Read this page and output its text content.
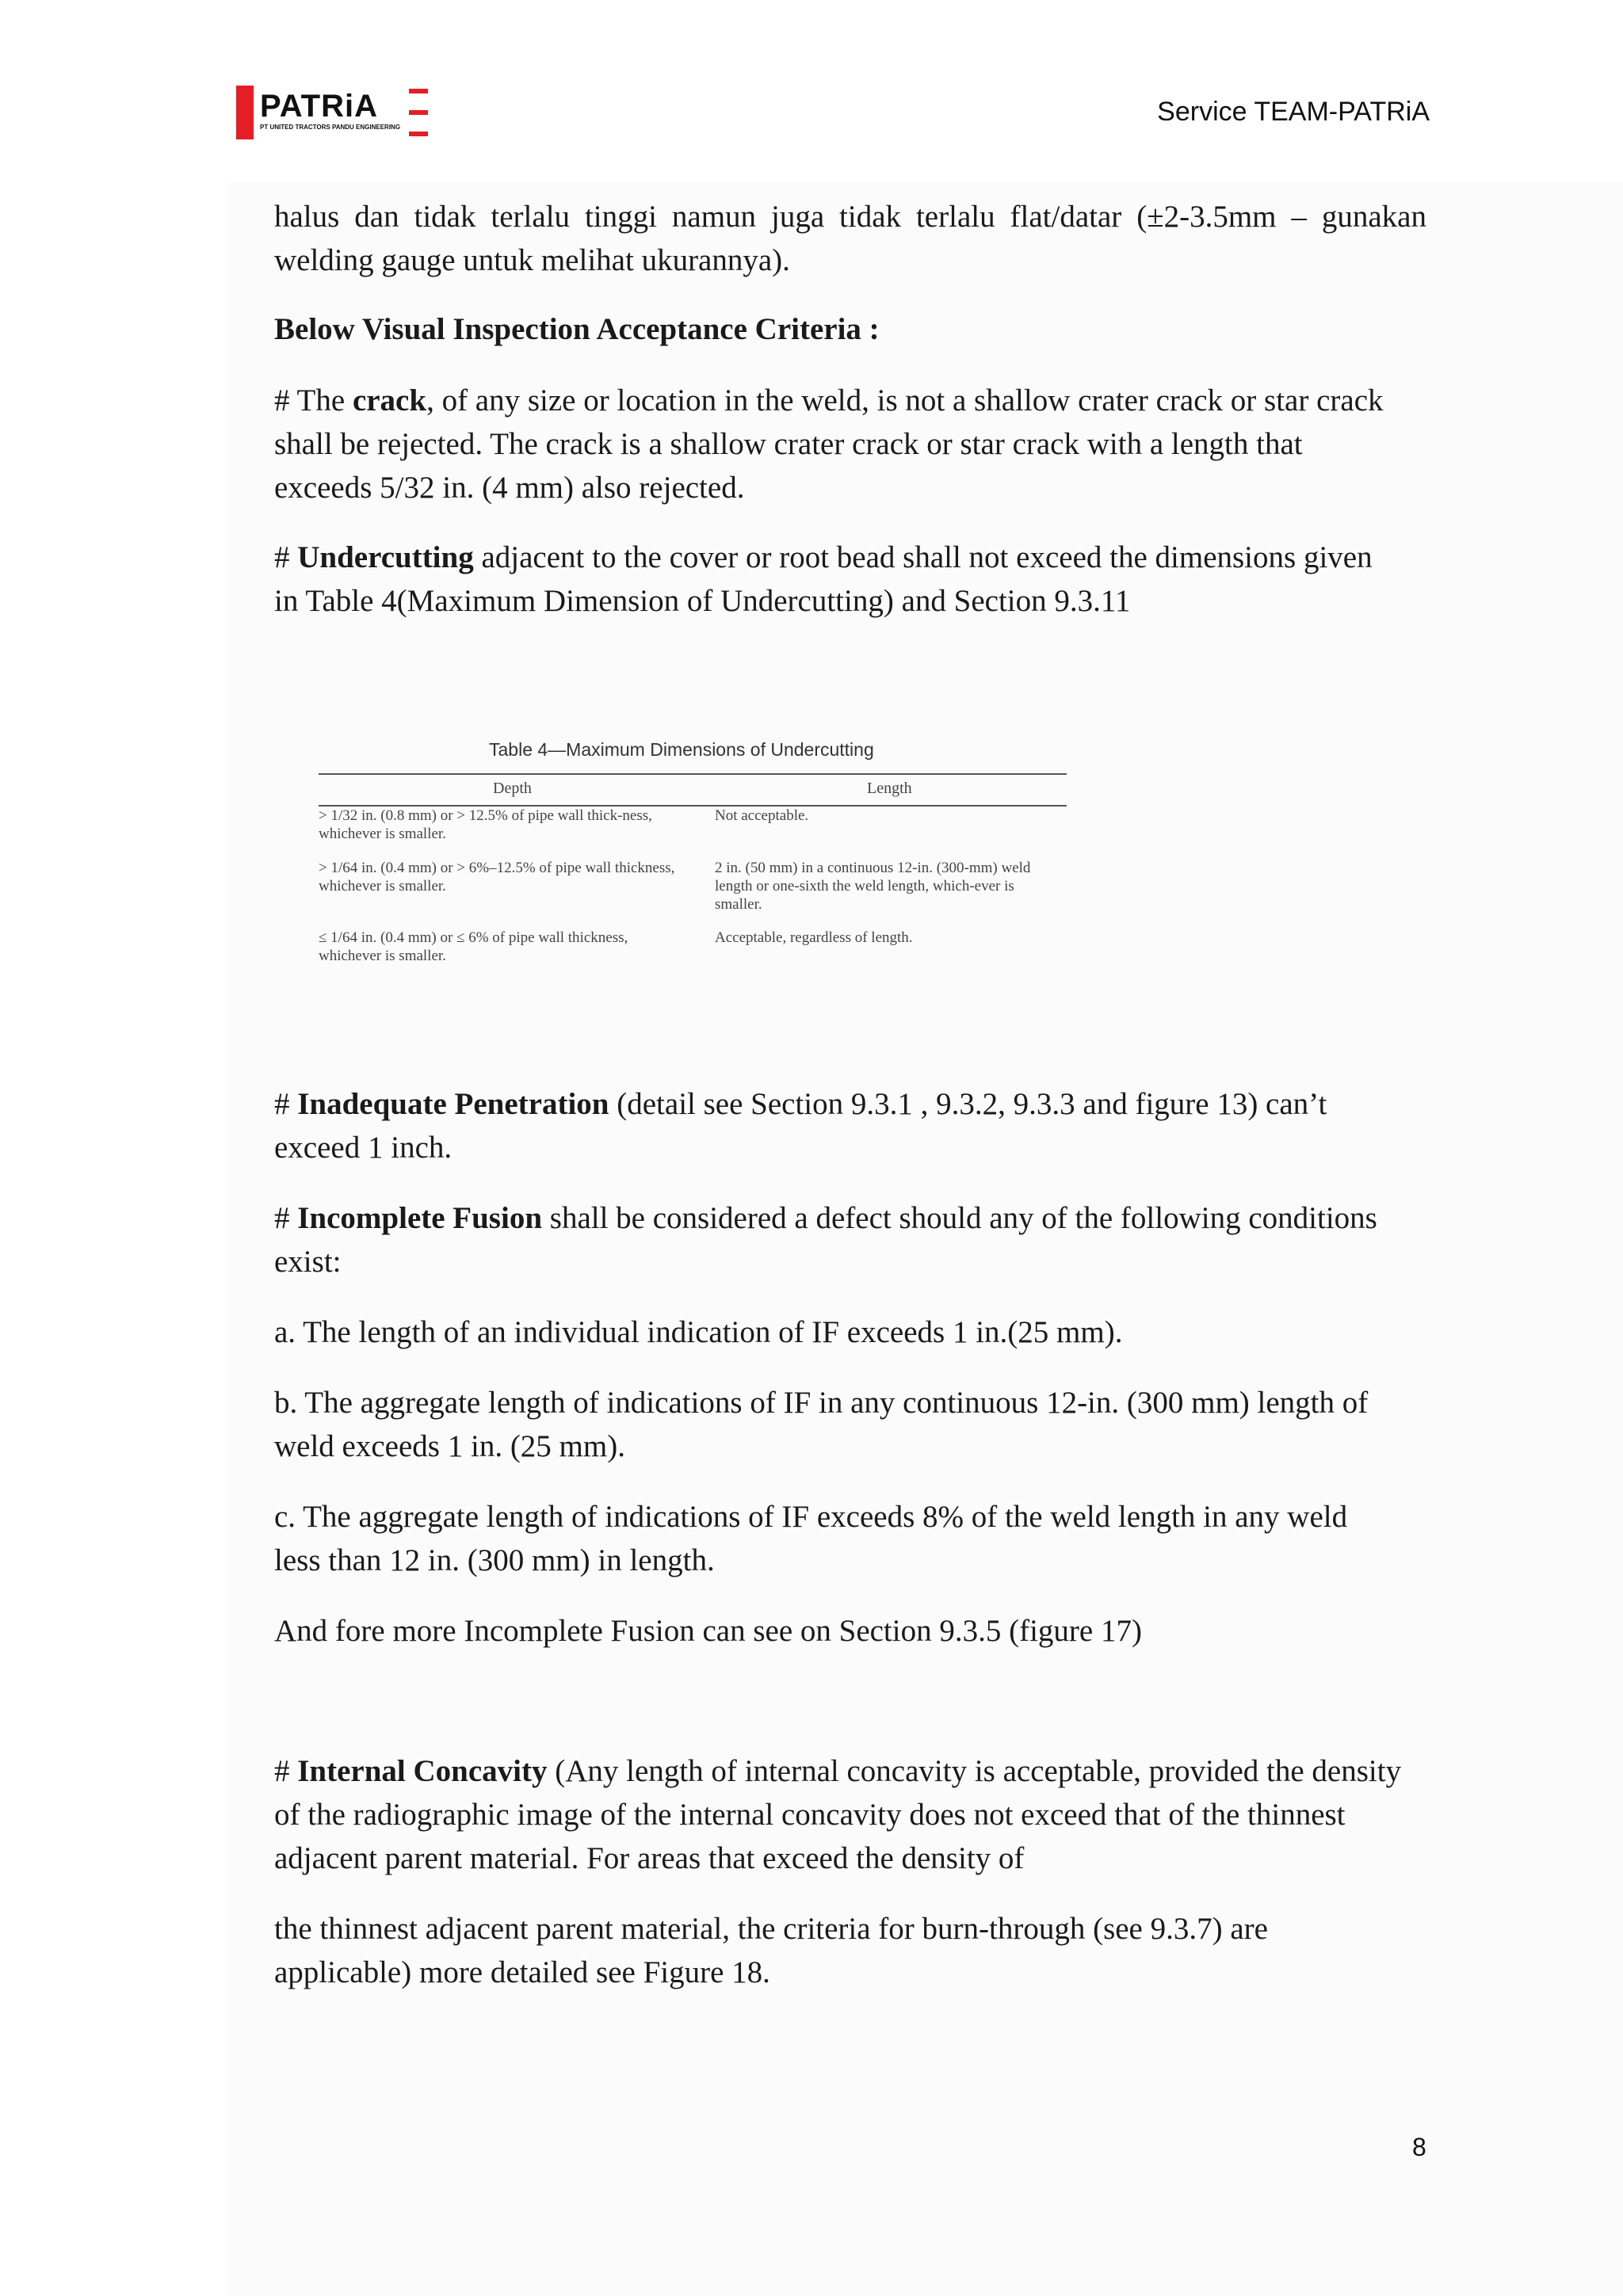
PATRiA
PT UNITED TRACTORS PANDU ENGINEERING
Service TEAM-PATRiA

halus dan tidak terlalu tinggi namun juga tidak terlalu flat/datar (±2-3.5mm – gunakan welding gauge untuk melihat ukurannya).

Below Visual Inspection Acceptance Criteria :

# The crack, of any size or location in the weld, is not a shallow crater crack or star crack shall be rejected. The crack is a shallow crater crack or star crack with a length that exceeds 5/32 in. (4 mm) also rejected.

# Undercutting adjacent to the cover or root bead shall not exceed the dimensions given in Table 4(Maximum Dimension of Undercutting) and Section 9.3.11

Table 4—Maximum Dimensions of Undercutting
Depth	Length
> 1/32 in. (0.8 mm) or > 12.5% of pipe wall thick-ness, whichever is smaller.
Not acceptable.
> 1/64 in. (0.4 mm) or > 6%–12.5% of pipe wall thickness, whichever is smaller.
2 in. (50 mm) in a continuous 12-in. (300-mm) weld length or one-sixth the weld length, which-ever is smaller.
≤ 1/64 in. (0.4 mm) or ≤ 6% of pipe wall thickness, whichever is smaller.
Acceptable, regardless of length.

# Inadequate Penetration (detail see Section 9.3.1 , 9.3.2, 9.3.3 and figure 13) can’t exceed 1 inch.

# Incomplete Fusion shall be considered a defect should any of the following conditions exist:

a. The length of an individual indication of IF exceeds 1 in.(25 mm).

b. The aggregate length of indications of IF in any continuous 12-in. (300 mm) length of weld exceeds 1 in. (25 mm).

c. The aggregate length of indications of IF exceeds 8% of the weld length in any weld less than 12 in. (300 mm) in length.

And fore more Incomplete Fusion can see on Section 9.3.5 (figure 17)

# Internal Concavity (Any length of internal concavity is acceptable, provided the density of the radiographic image of the internal concavity does not exceed that of the thinnest adjacent parent material. For areas that exceed the density of

the thinnest adjacent parent material, the criteria for burn-through (see 9.3.7) are applicable) more detailed see Figure 18.

8
